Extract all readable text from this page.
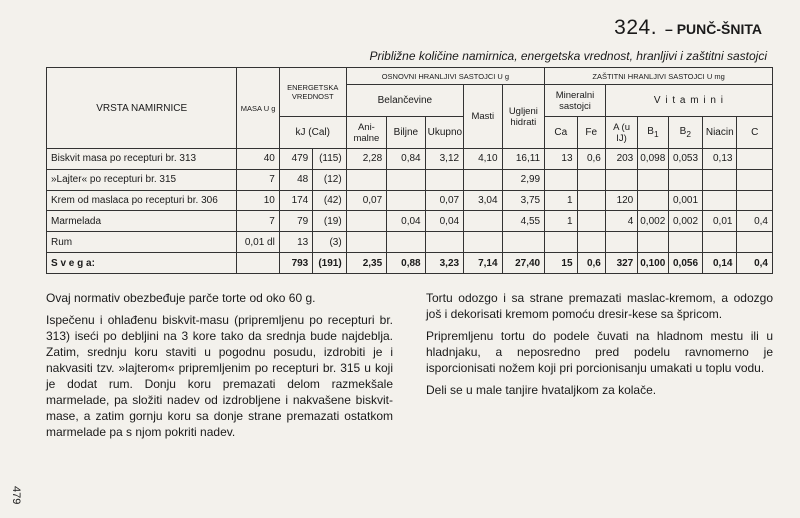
324. – PUNČ-ŠNITA
Približne količine namirnica, energetska vrednost, hranljivi i zaštitni sastojci
VRSTA NAMIRNICE	MASA U g	ENERGETSKA VREDNOST		OSNOVNI HRANLJIVI SASTOJCI U g					ZAŠTITNI HRANLJIVI SASTOJCI U mg						
				Belančevine			Masti	Ugljeni hidrati	Mineralni sastojci		V i t a m i n i				
		kJ (Cal)		Ani- malne	Biljne	Ukupno			Ca	Fe	A (u IJ)	$B_1$	$B_2$	Niacin	C
Biskvit masa po recepturi br. 313	40	479	(115)	2,28	0,84	3,12	4,10	16,11	13	0,6	203	0,098	0,053	0,13	
»Lajter« po recepturi br. 315	7	48	(12)					2,99							
Krem od maslaca po recepturi br. 306	10	174	(42)	0,07		0,07	3,04	3,75	1		120		0,001		
Marmelada	7	79	(19)		0,04	0,04		4,55	1		4	0,002	0,002	0,01	0,4
Rum	0,01 dl	13	(3)												
S v e g a:		793	(191)	2,35	0,88	3,23	7,14	27,40	15	0,6	327	0,100	0,056	0,14	0,4

Ovaj normativ obezbeđuje parče torte od oko 60 g.

Ispečenu i ohlađenu biskvit-masu (pripremljenu po recepturi br. 313) iseći po debljini na 3 kore tako da srednja bude najdeblja. Zatim, srednju koru staviti u pogodnu posudu, izdrobiti je i nakvasiti tzv. »lajterom« pripremljenim po recepturi br. 315 u koji je dodat rum. Donju koru premazati delom razmekšale marmelade, pa složiti nadev od izdrobljene i nakvašene biskvit-mase, a zatim gornju koru sa donje strane premazati ostatkom marmelade pa s njom pokriti nadev.

Tortu odozgo i sa strane premazati maslac-kremom, a odozgo još i dekorisati kremom pomoću dresir-kese sa špricom.

Pripremljenu tortu do podele čuvati na hladnom mestu ili u hladnjaku, a neposredno pred podelu ravnomerno je isporcionisati nožem koji pri porcionisanju umakati u toplu vodu.

Deli se u male tanjire hvataljkom za kolače.

479
